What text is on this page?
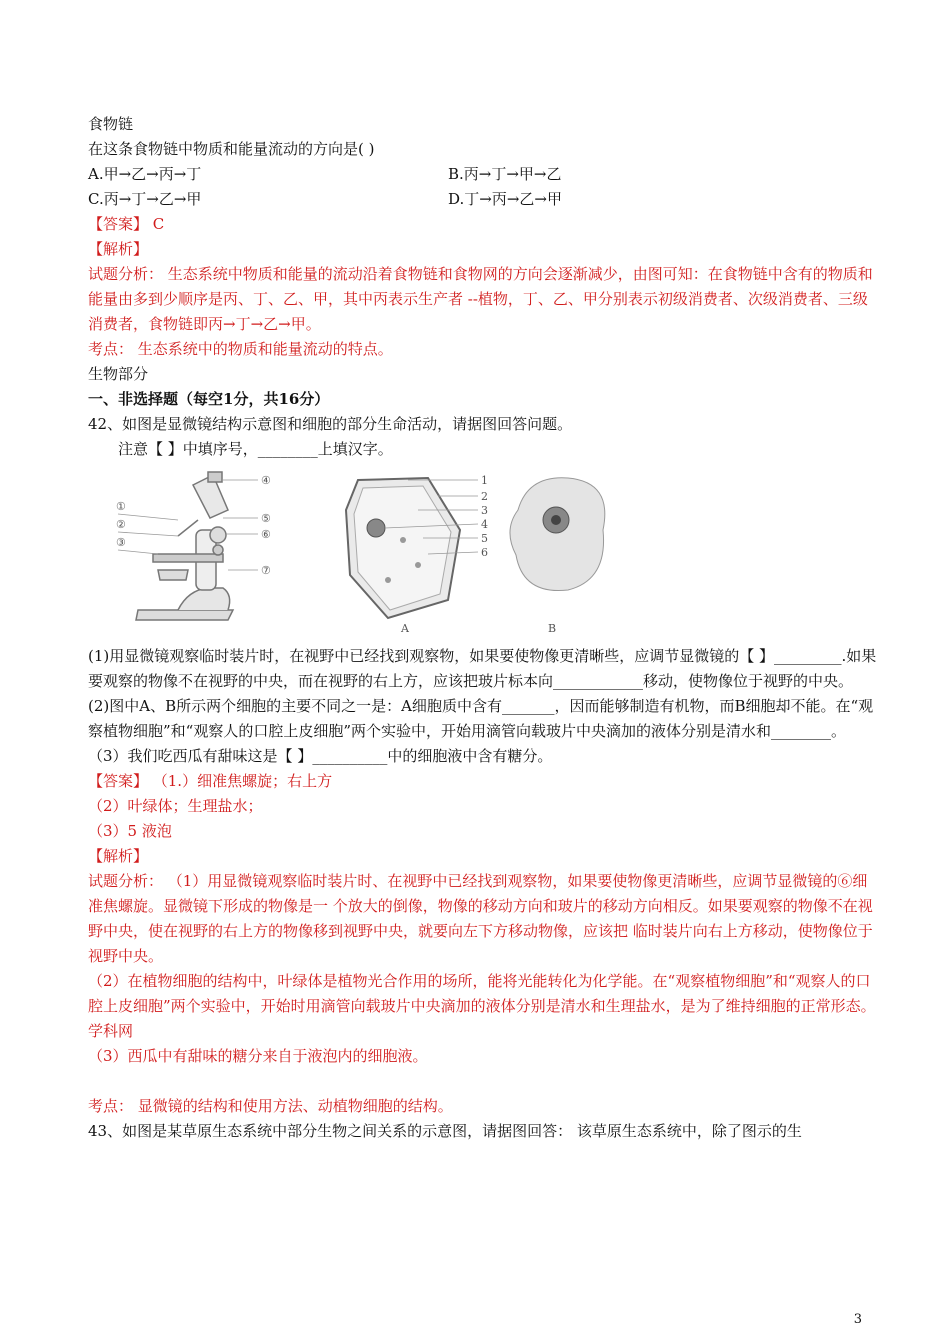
食物链
在这条食物链中物质和能量流动的方向是( )
A.甲→乙→丙→丁	B.丙→丁→甲→乙
C.丙→丁→乙→甲	D.丁→丙→乙→甲
【答案】 C
【解析】
试题分析： 生态系统中物质和能量的流动沿着食物链和食物网的方向会逐渐减少，由图可知：在食物链中含有的物质和能量由多到少顺序是丙、丁、乙、甲，其中丙表示生产者 --植物，丁、乙、甲分别表示初级消费者、次级消费者、三级消费者，食物链即丙→丁→乙→甲。
考点： 生态系统中的物质和能量流动的特点。
生物部分
一、非选择题（每空1分，共16分）
42、如图是显微镜结构示意图和细胞的部分生命活动，请据图回答问题。
注意【 】中填序号，________上填汉字。
④
①
⑤
②
⑥
③
⑦
1
2
3
4
5
6
A	B
(1)用显微镜观察临时装片时，在视野中已经找到观察物，如果要使物像更清晰些，应调节显微镜的【 】_________.如果要观察的物像不在视野的中央，而在视野的右上方，应该把玻片标本向____________移动，使物像位于视野的中央。
(2)图中A、B所示两个细胞的主要不同之一是：A细胞质中含有_______，因而能够制造有机物，而B细胞却不能。在“观察植物细胞”和“观察人的口腔上皮细胞”两个实验中，开始用滴管向载玻片中央滴加的液体分别是清水和________。
（3）我们吃西瓜有甜味这是【 】__________中的细胞液中含有糖分。
【答案】 （1.）细准焦螺旋；右上方
（2）叶绿体；生理盐水；
（3）5 液泡
【解析】
试题分析： （1）用显微镜观察临时装片时、在视野中已经找到观察物，如果要使物像更清晰些，应调节显微镜的⑥细准焦螺旋。显微镜下形成的物像是一 个放大的倒像，物像的移动方向和玻片的移动方向相反。如果要观察的物像不在视野中央，使在视野的右上方的物像移到视野中央，就要向左下方移动物像，应该把 临时装片向右上方移动，使物像位于视野中央。
（2）在植物细胞的结构中，叶绿体是植物光合作用的场所，能将光能转化为化学能。在“观察植物细胞”和“观察人的口腔上皮细胞”两个实验中，开始时用滴管向载玻片中央滴加的液体分别是清水和生理盐水，是为了维持细胞的正常形态。学科网
（3）西瓜中有甜味的糖分来自于液泡内的细胞液。
考点： 显微镜的结构和使用方法、动植物细胞的结构。
43、如图是某草原生态系统中部分生物之间关系的示意图，请据图回答： 该草原生态系统中，除了图示的生
3
